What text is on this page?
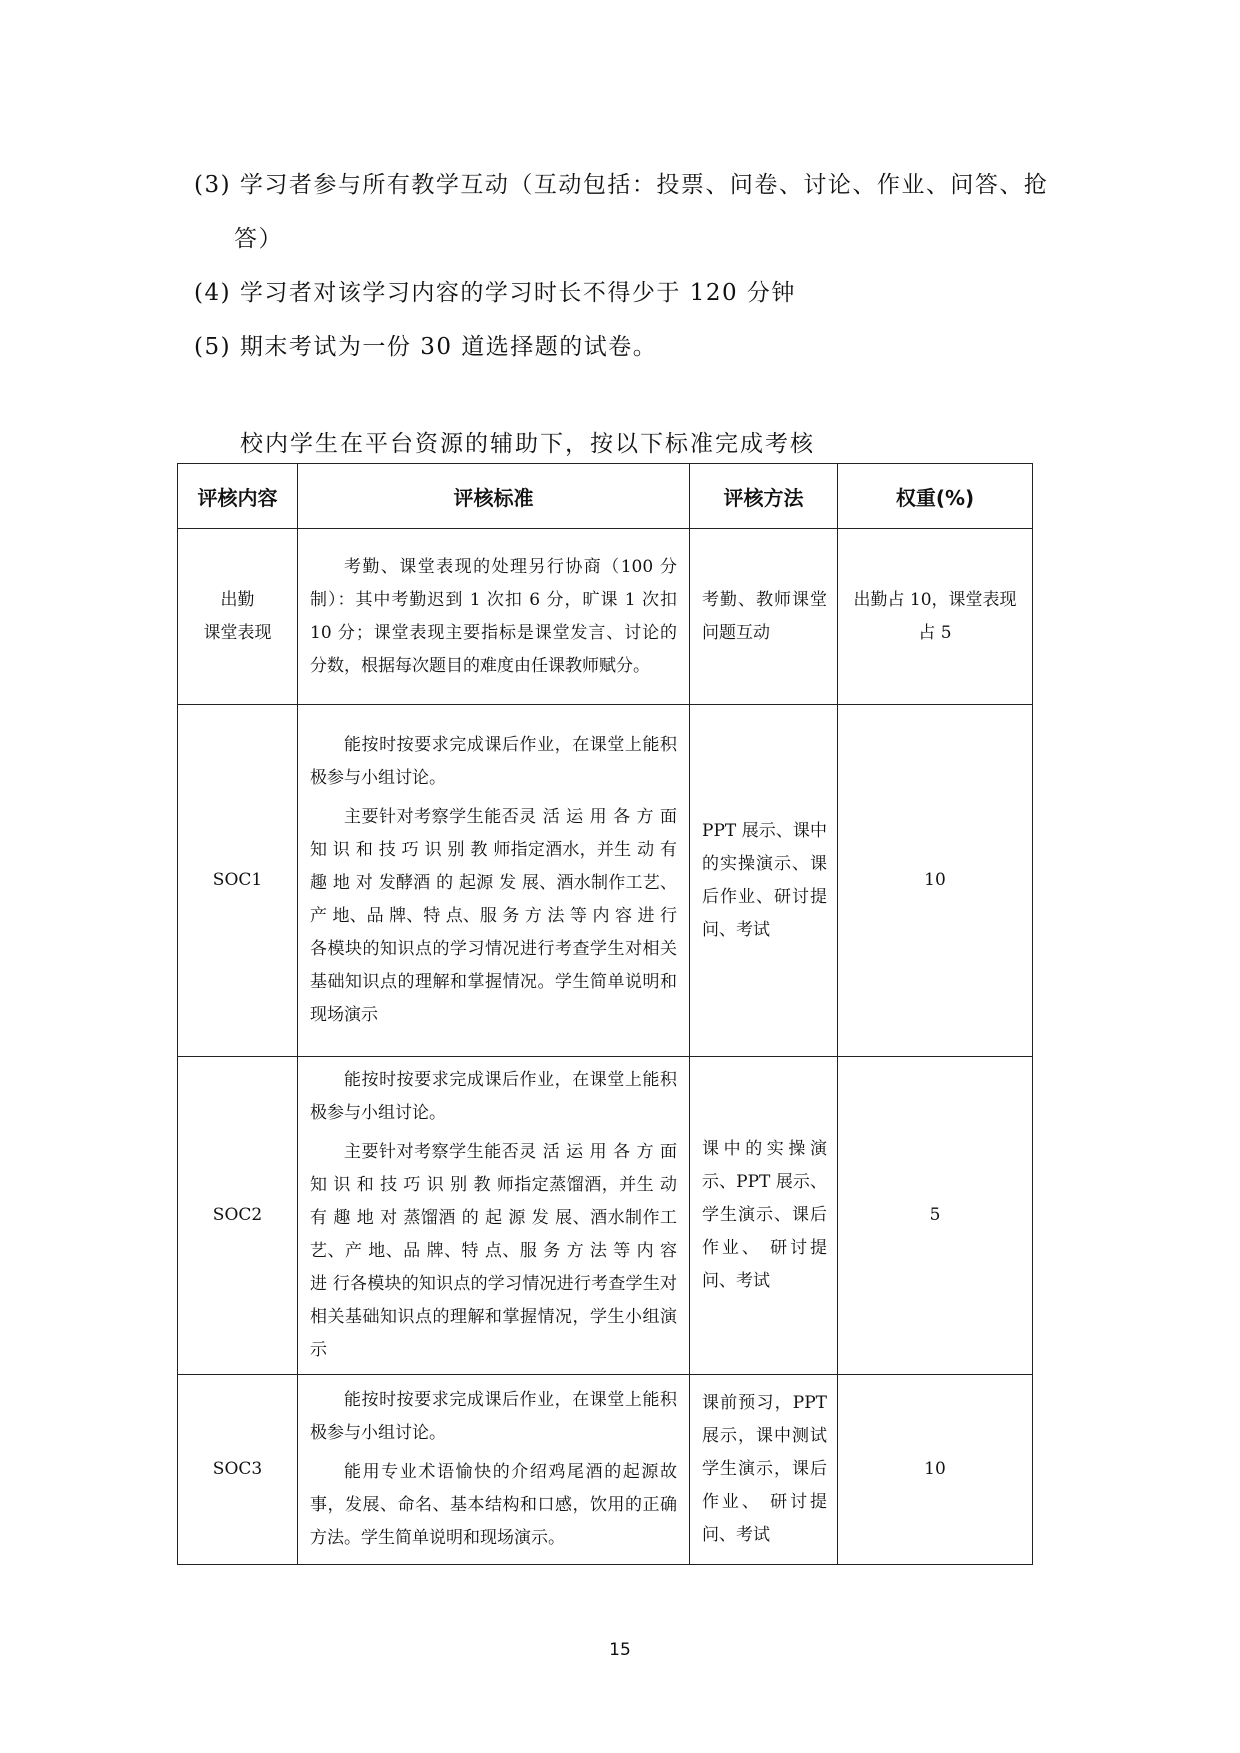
(3) 学习者参与所有教学互动（互动包括：投票、问卷、讨论、作业、问答、抢
答）
(4) 学习者对该学习内容的学习时长不得少于 120 分钟
(5) 期末考试为一份 30 道选择题的试卷。
校内学生在平台资源的辅助下，按以下标准完成考核
评核内容	评核标准	评核方法	权重(%)
出勤
课堂表现	考勤、课堂表现的处理另行协商（100 分制）：其中考勤迟到 1 次扣 6 分，旷课 1 次扣 10 分；课堂表现主要指标是课堂发言、讨论的分数，根据每次题目的难度由任课教师赋分。	考勤、教师课堂问题互动	出勤占 10，课堂表现占 5
SOC1	能按时按要求完成课后作业，在课堂上能积极参与小组讨论。

主要针对考察学生能否灵 活 运 用 各 方 面 知 识 和 技 巧 识 别 教 师指定酒水，并生 动 有 趣 地 对 发酵酒 的 起源 发 展、酒水制作工艺、产 地、品 牌、特 点、服 务 方 法 等 内 容 进 行各模块的知识点的学习情况进行考查学生对相关基础知识点的理解和掌握情况。学生简单说明和现场演示	PPT 展示、课中的实操演示、课后作业、研讨提问、考试	10
SOC2	能按时按要求完成课后作业，在课堂上能积极参与小组讨论。

主要针对考察学生能否灵 活 运 用 各 方 面 知 识 和 技 巧 识 别 教 师指定蒸馏酒，并生 动 有 趣 地 对 蒸馏酒 的 起 源 发 展、酒水制作工艺、产 地、品 牌、特 点、服 务 方 法 等 内 容 进 行各模块的知识点的学习情况进行考查学生对相关基础知识点的理解和掌握情况，学生小组演示	课中的实操演示、PPT 展示、学生演示、课后作业、 研讨提问、考试	5
SOC3	能按时按要求完成课后作业，在课堂上能积极参与小组讨论。

能用专业术语愉快的介绍鸡尾酒的起源故事，发展、命名、基本结构和口感，饮用的正确方法。学生简单说明和现场演示。	课前预习，PPT 展示，课中测试学生演示，课后作业、 研讨提问、考试	10
15
